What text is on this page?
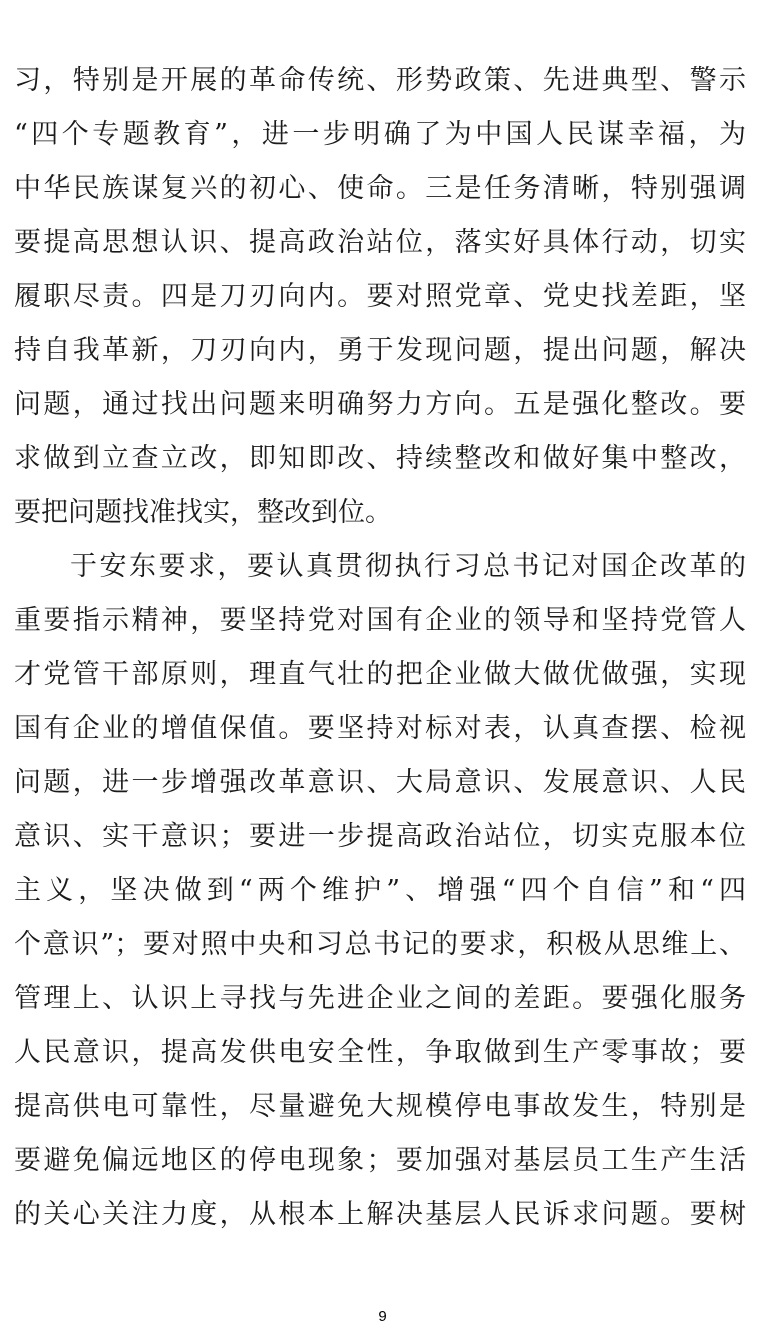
习，特别是开展的革命传统、形势政策、先进典型、警示
“四个专题教育”，进一步明确了为中国人民谋幸福，为
中华民族谋复兴的初心、使命。三是任务清晰，特别强调
要提高思想认识、提高政治站位，落实好具体行动，切实
履职尽责。四是刀刃向内。要对照党章、党史找差距，坚
持自我革新，刀刃向内，勇于发现问题，提出问题，解决
问题，通过找出问题来明确努力方向。五是强化整改。要
求做到立查立改，即知即改、持续整改和做好集中整改，
要把问题找准找实，整改到位。
于安东要求，要认真贯彻执行习总书记对国企改革的
重要指示精神，要坚持党对国有企业的领导和坚持党管人
才党管干部原则，理直气壮的把企业做大做优做强，实现
国有企业的增值保值。要坚持对标对表，认真查摆、检视
问题，进一步增强改革意识、大局意识、发展意识、人民
意识、实干意识；要进一步提高政治站位，切实克服本位
主义，坚决做到“两个维护”、增强“四个自信”和“四
个意识”；要对照中央和习总书记的要求，积极从思维上、
管理上、认识上寻找与先进企业之间的差距。要强化服务
人民意识，提高发供电安全性，争取做到生产零事故；要
提高供电可靠性，尽量避免大规模停电事故发生，特别是
要避免偏远地区的停电现象；要加强对基层员工生产生活
的关心关注力度，从根本上解决基层人民诉求问题。要树
9
